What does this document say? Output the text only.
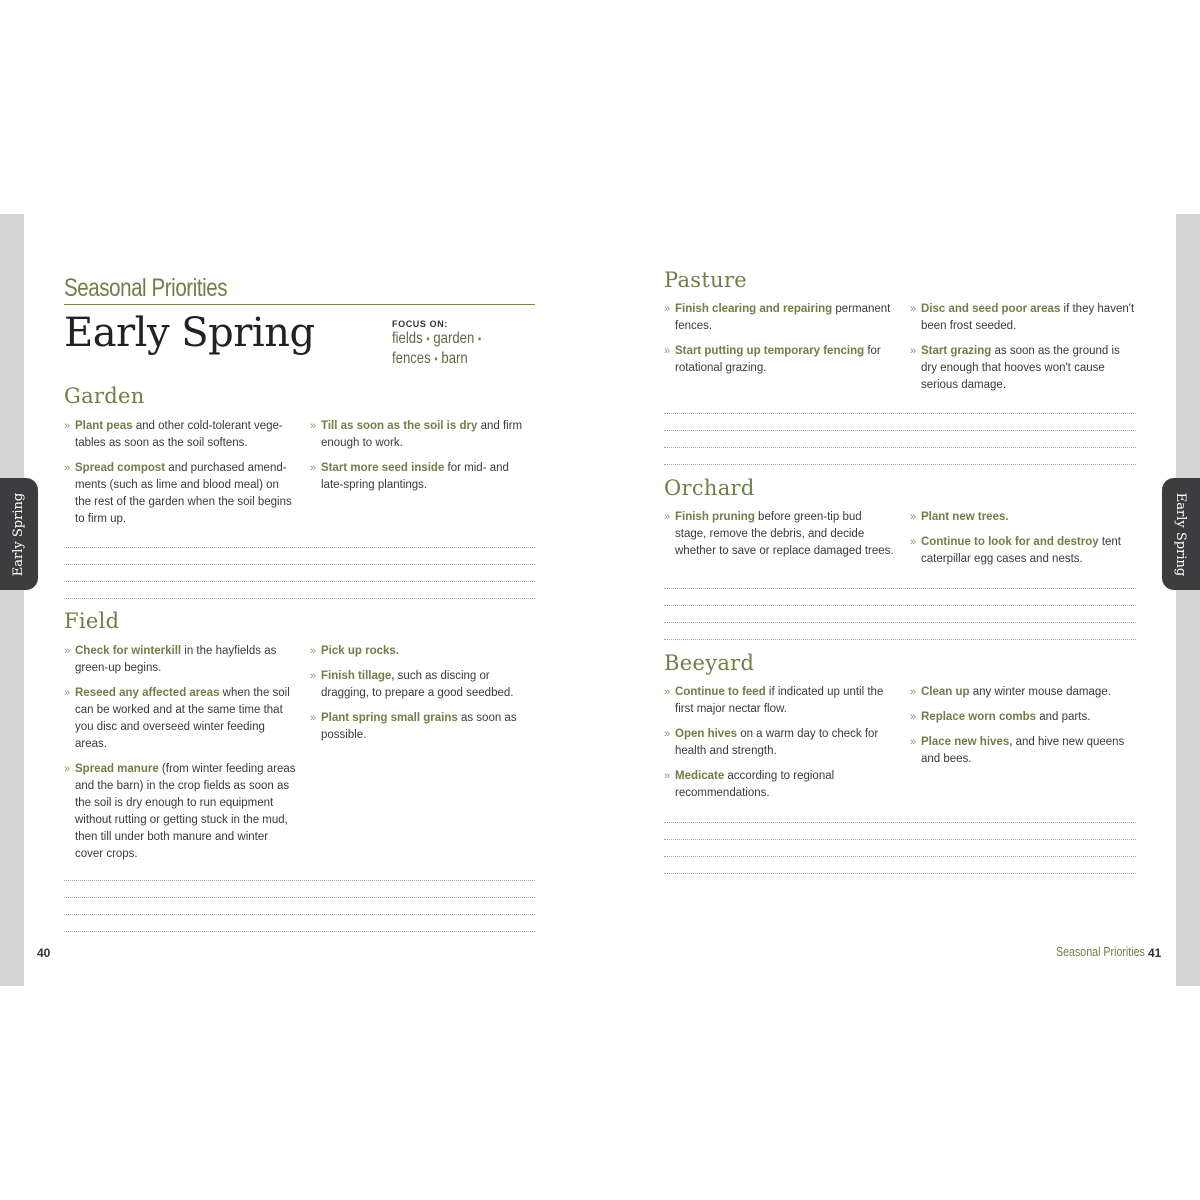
Early Spring	Early Spring
Seasonal Priorities
Early Spring	FOCUS ON:
fields • garden •
fences • barn
Garden
» Plant peas and other cold-tolerant vege- tables as soon as the soil softens.
» Spread compost and purchased amend- ments (such as lime and blood meal) on the rest of the garden when the soil begins to firm up.
» Till as soon as the soil is dry and firm enough to work.
» Start more seed inside for mid- and late-spring plantings.
Field
» Check for winterkill in the hayfields as green-up begins.
» Reseed any affected areas when the soil can be worked and at the same time that you disc and overseed winter feeding areas.
» Spread manure (from winter feeding areas and the barn) in the crop fields as soon as the soil is dry enough to run equipment without rutting or getting stuck in the mud, then till under both manure and winter cover crops.
» Pick up rocks.
» Finish tillage, such as discing or dragging, to prepare a good seedbed.
» Plant spring small grains as soon as possible.
40
Pasture
» Finish clearing and repairing permanent fences.
» Start putting up temporary fencing for rotational grazing.
» Disc and seed poor areas if they haven't been frost seeded.
» Start grazing as soon as the ground is dry enough that hooves won't cause serious damage.
Orchard
» Finish pruning before green-tip bud stage, remove the debris, and decide whether to save or replace damaged trees.
» Plant new trees.
» Continue to look for and destroy tent caterpillar egg cases and nests.
Beeyard
» Continue to feed if indicated up until the first major nectar flow.
» Open hives on a warm day to check for health and strength.
» Medicate according to regional recommendations.
» Clean up any winter mouse damage.
» Replace worn combs and parts.
» Place new hives, and hive new queens and bees.
Seasonal Priorities 41
